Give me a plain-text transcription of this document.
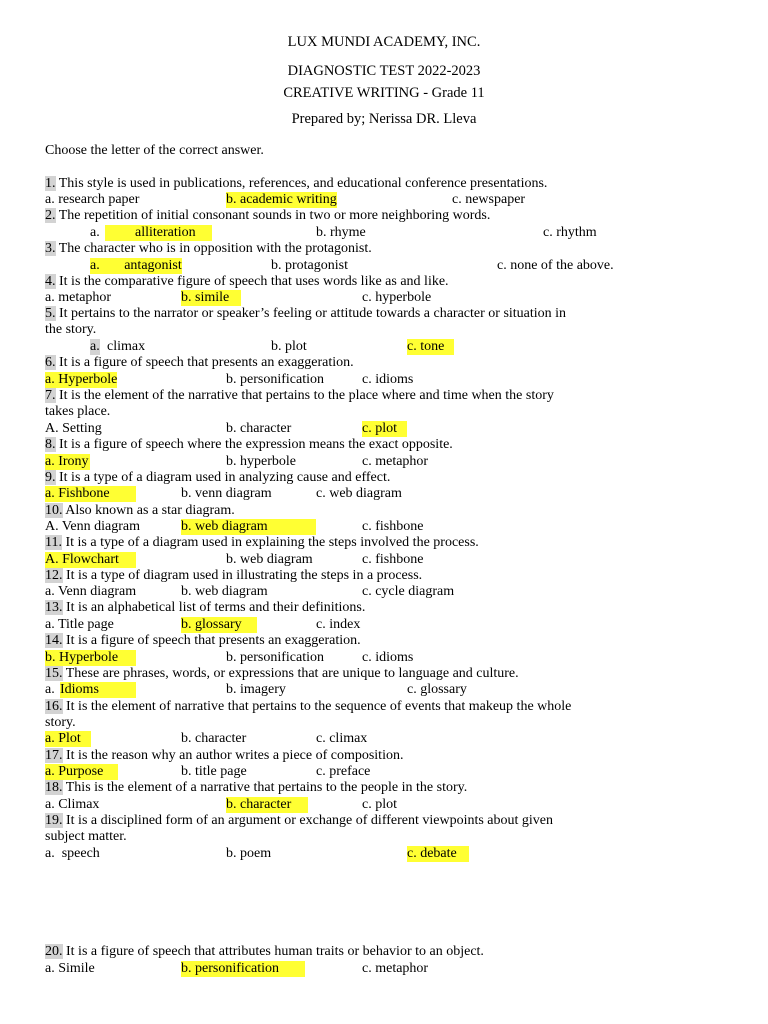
LUX MUNDI ACADEMY, INC.
DIAGNOSTIC TEST 2022-2023
CREATIVE WRITING - Grade 11
Prepared by; Nerissa DR. Lleva
Choose the letter of the correct answer.
1. This style is used in publications, references, and educational conference presentations.
a. research paper	b. academic writing	c. newspaper
2. The repetition of initial consonant sounds in two or more neighboring words.
a.	alliteration	b. rhyme	c. rhythm
3. The character who is in opposition with the protagonist.
a.       antagonist	b. protagonist	c. none of the above.
4. It is the comparative figure of speech that uses words like as and like.
a. metaphor	b. simile	c. hyperbole
5. It pertains to the narrator or speaker’s feeling or attitude towards a character or situation in
the story.
a. climax	b. plot	c. tone
6. It is a figure of speech that presents an exaggeration.
a. Hyperbole	b. personification	c. idioms
7. It is the element of the narrative that pertains to the place where and time when the story
takes place.
A. Setting	b. character	c. plot
8. It is a figure of speech where the expression means the exact opposite.
a. Irony	b. hyperbole	c. metaphor
9. It is a type of a diagram used in analyzing cause and effect.
a. Fishbone	b. venn diagram	c. web diagram
10. Also known as a star diagram.
A. Venn diagram	b. web diagram	c. fishbone
11. It is a type of a diagram used in explaining the steps involved the process.
A. Flowchart	b. web diagram	c. fishbone
12. It is a type of diagram used in illustrating the steps in a process.
a. Venn diagram	b. web diagram	c. cycle diagram
13. It is an alphabetical list of terms and their definitions.
a. Title page	b. glossary	c. index
14. It is a figure of speech that presents an exaggeration.
b. Hyperbole	b. personification	c. idioms
15. These are phrases, words, or expressions that are unique to language and culture.
a. Idioms	b. imagery	c. glossary
16. It is the element of narrative that pertains to the sequence of events that makeup the whole
story.
a. Plot	b. character	c. climax
17. It is the reason why an author writes a piece of composition.
a. Purpose	b. title page	c. preface
18. This is the element of a narrative that pertains to the people in the story.
a. Climax	b. character	c. plot
19. It is a disciplined form of an argument or exchange of different viewpoints about given
subject matter.
a.  speech	b. poem	c. debate
20. It is a figure of speech that attributes human traits or behavior to an object.
a. Simile	b. personification	c. metaphor
